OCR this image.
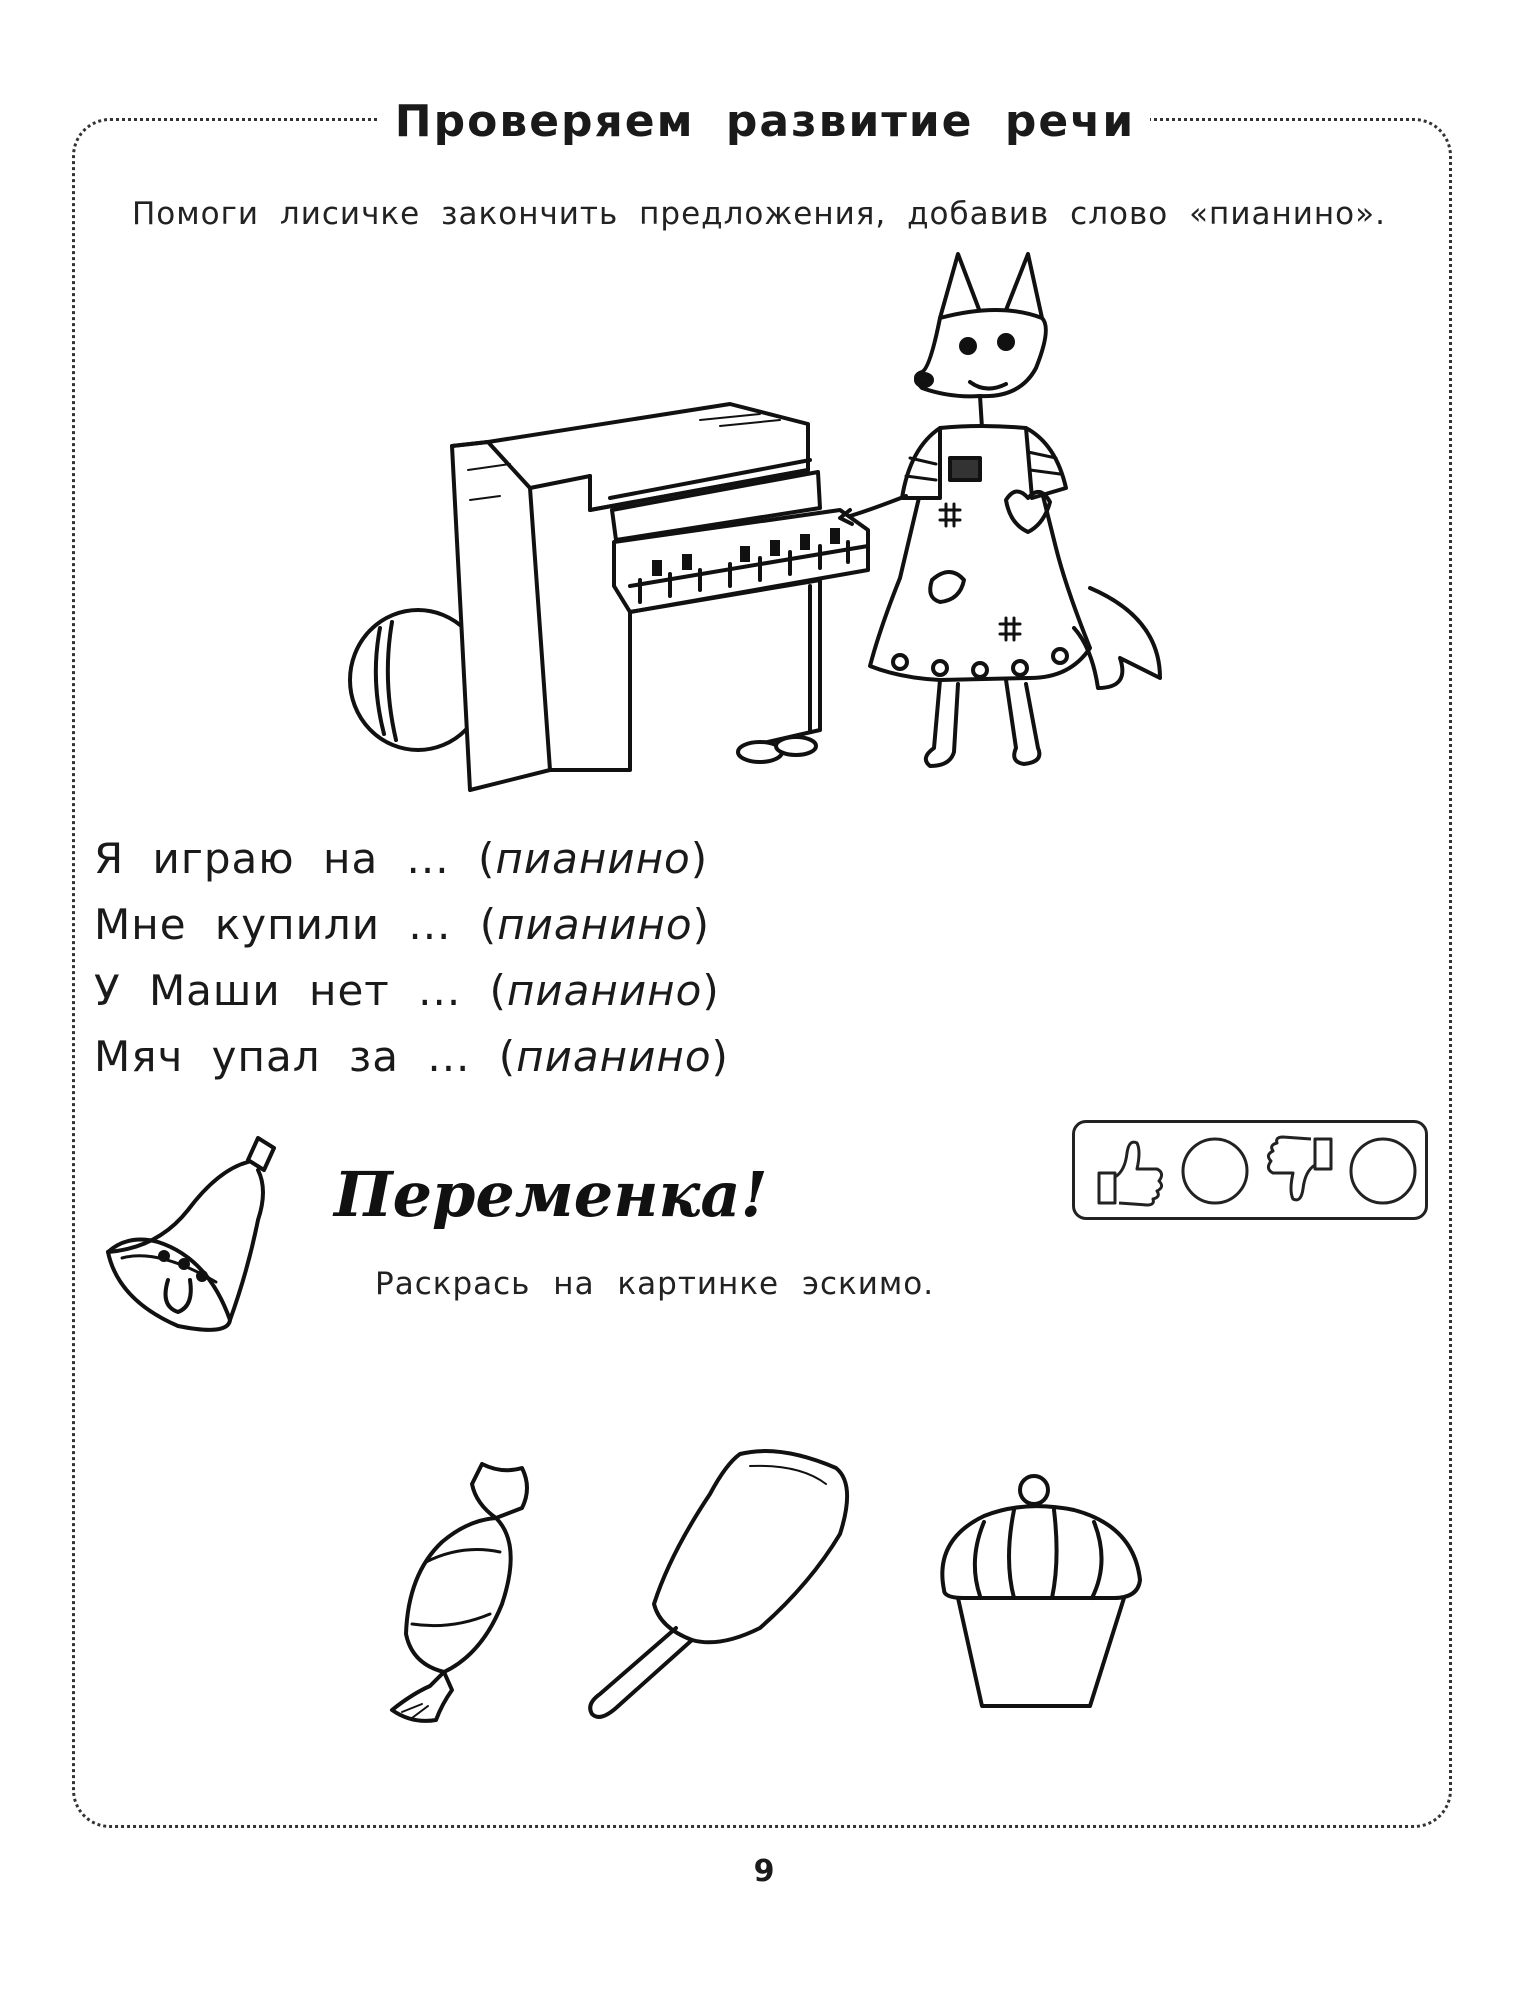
Проверяем развитие речи
Помоги лисичке закончить предложения, добавив слово «пианино».
Я играю на ... (пианино)
Мне купили ... (пианино)
У Маши нет ... (пианино)
Мяч упал за ... (пианино)
Переменка!
Раскрась на картинке эскимо.
9
